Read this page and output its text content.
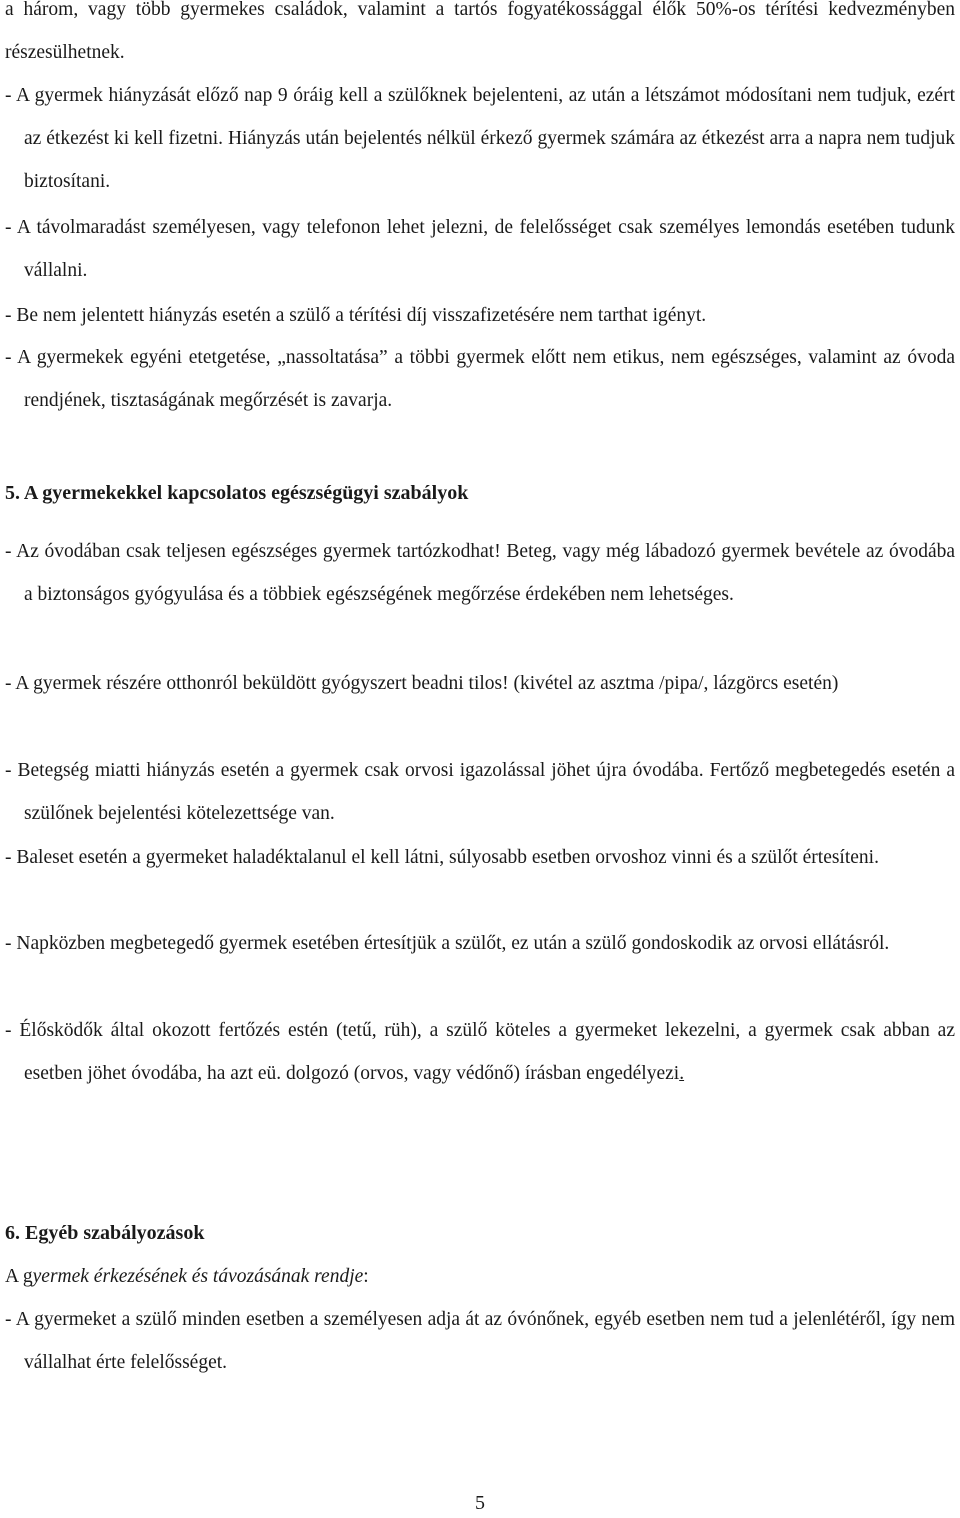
a három, vagy több gyermekes családok, valamint a tartós fogyatékossággal élők 50%-os térítési kedvezményben részesülhetnek.

- A gyermek hiányzását előző nap 9 óráig kell a szülőknek bejelenteni, az után a létszámot módosítani nem tudjuk, ezért az étkezést ki kell fizetni. Hiányzás után bejelentés nélkül érkező gyermek számára az étkezést arra a napra nem tudjuk biztosítani.

- A távolmaradást személyesen, vagy telefonon lehet jelezni, de felelősséget csak személyes lemondás esetében tudunk vállalni.

- Be nem jelentett hiányzás esetén a szülő a térítési díj visszafizetésére nem tarthat igényt.

- A gyermekek egyéni etetgetése, „nassoltatása” a többi gyermek előtt nem etikus, nem egészséges, valamint az óvoda rendjének, tisztaságának megőrzését is zavarja.

5. A gyermekekkel kapcsolatos egészségügyi szabályok

- Az óvodában csak teljesen egészséges gyermek tartózkodhat! Beteg, vagy még lábadozó gyermek bevétele az óvodába a biztonságos gyógyulása és a többiek egészségének megőrzése érdekében nem lehetséges.

- A gyermek részére otthonról beküldött gyógyszert beadni tilos! (kivétel az asztma /pipa/, lázgörcs esetén)

- Betegség miatti hiányzás esetén a gyermek csak orvosi igazolással jöhet újra óvodába. Fertőző megbetegedés esetén a szülőnek bejelentési kötelezettsége van.

- Baleset esetén a gyermeket haladéktalanul el kell látni, súlyosabb esetben orvoshoz vinni és a szülőt értesíteni.

- Napközben megbetegedő gyermek esetében értesítjük a szülőt, ez után a szülő gondoskodik az orvosi ellátásról.

- Élősködők által okozott fertőzés estén (tetű, rüh), a szülő köteles a gyermeket lekezelni, a gyermek csak abban az esetben jöhet óvodába, ha azt eü. dolgozó (orvos, vagy védőnő) írásban engedélyezi.

6. Egyéb szabályozások

A gyermek érkezésének és távozásának rendje:

- A gyermeket a szülő minden esetben a személyesen adja át az óvónőnek, egyéb esetben nem tud a jelenlétéről, így nem vállalhat érte felelősséget.

5
